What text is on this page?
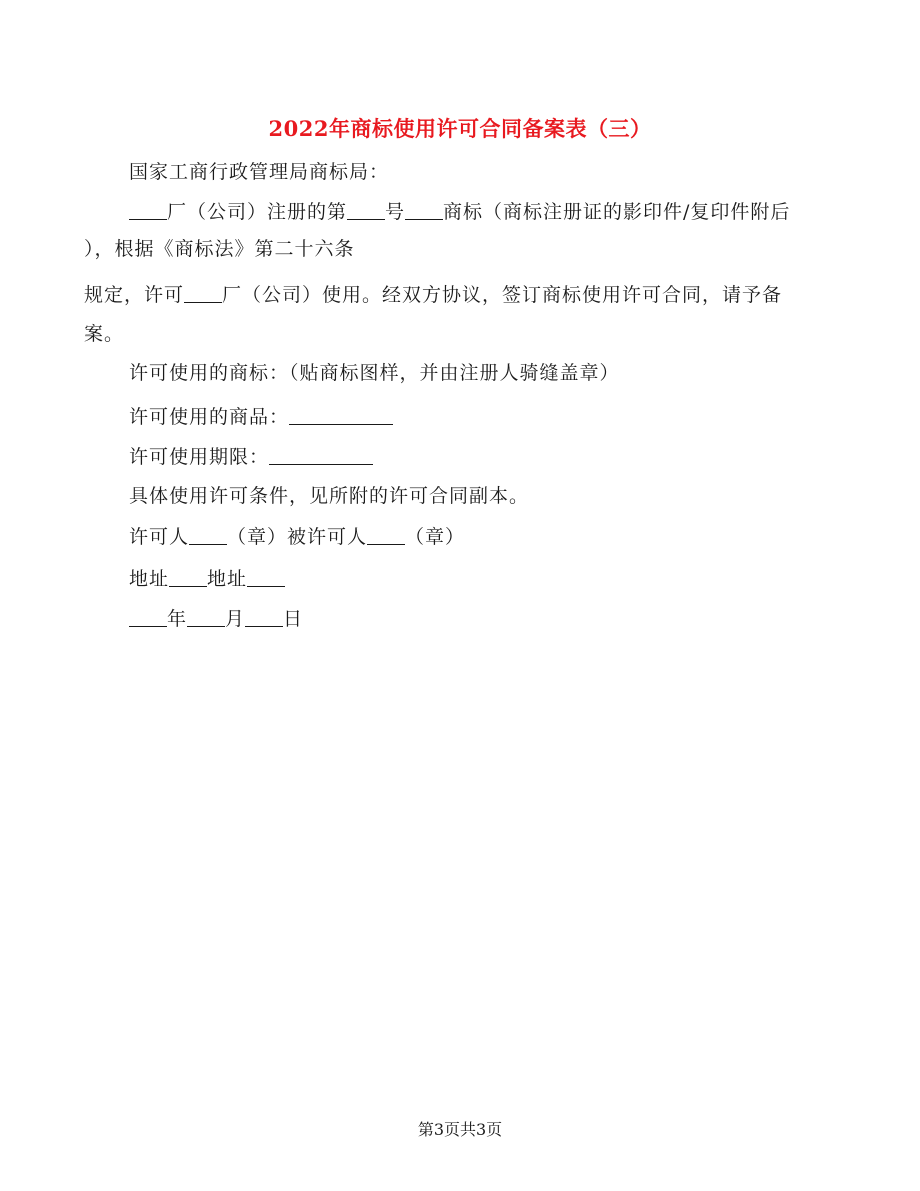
2022年商标使用许可合同备案表（三）
国家工商行政管理局商标局：
厂（公司）注册的第 号 商标（商标注册证的影印件/复印件附后
），根据《商标法》第二十六条
规定，许可 厂（公司）使用。经双方协议，签订商标使用许可合同，请予备
案。
许可使用的商标：（贴商标图样，并由注册人骑缝盖章）
许可使用的商品：
许可使用期限：
具体使用许可条件，见所附的许可合同副本。
许可人 （章）被许可人 （章）
地址 地址
年 月 日
第3页共3页
